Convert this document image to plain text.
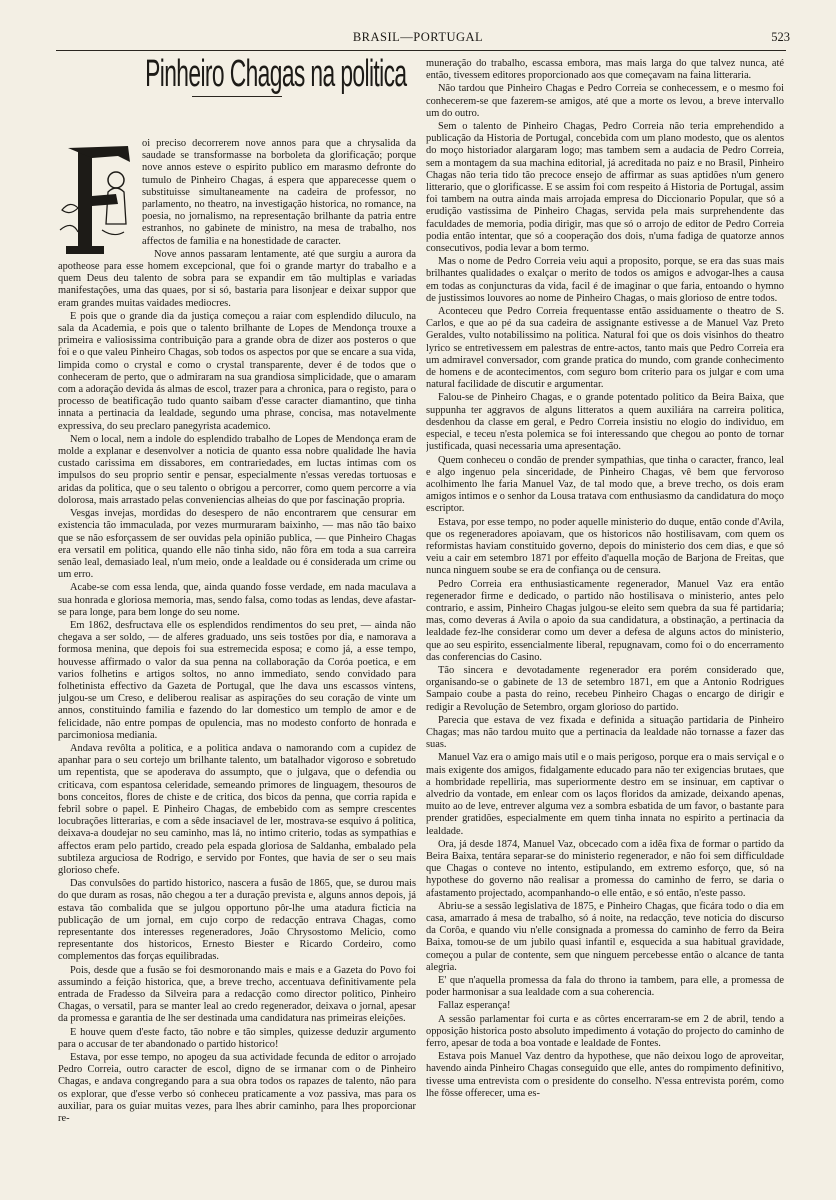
BRASIL—PORTUGAL	523
Pinheiro Chagas na politica

oi preciso decorrerem nove annos para que a chrysalida da saudade se transformasse na borboleta da glorificação; porque nove annos esteve o espirito publico em marasmo defronte do tumulo de Pinheiro Chagas, á espera que apparecesse quem o substituisse simultaneamente na cadeira de professor, no parlamento, no theatro, na investigação historica, no romance, na poesia, no jornalismo, na representação brilhante da patria entre estranhos, no gabinete de ministro, na mesa de trabalho, nos affectos de familia e na honestidade de caracter.

Nove annos passaram lentamente, até que surgiu a aurora da apotheose para esse homem excepcional, que foi o grande martyr do trabalho e a quem Deus deu talento de sobra para se expandir em tão multiplas e variadas manifestações, uma das quaes, por si só, bastaria para lisonjear e deixar suppor que eram grandes muitas vaidades mediocres.

E pois que o grande dia da justiça começou a raiar com esplendido diluculo, na sala da Academia, e pois que o talento brilhante de Lopes de Mendonça trouxe a primeira e valiosissima contribuição para a grande obra de dizer aos posteros o que foi e o que valeu Pinheiro Chagas, sob todos os aspectos por que se encare a sua vida, limpida como o crystal e como o crystal transparente, dever é de todos que o conheceram de perto, que o admiraram na sua grandiosa simplicidade, que o amaram com a adoração devida ás almas de escol, trazer para a chronica, para o registo, para o processo de beatificação tudo quanto saibam d'esse caracter diamantino, que tinha innata a pertinacia da lealdade, segundo uma phrase, concisa, mas notavelmente expressiva, do seu preclaro panegyrista academico.

Nem o local, nem a indole do esplendido trabalho de Lopes de Mendonça eram de molde a explanar e desenvolver a noticia de quanto essa nobre qualidade lhe havia custado carissima em dissabores, em contrariedades, em luctas intimas com os impulsos do seu proprio sentir e pensar, especialmente n'essas veredas tortuosas e aridas da politica, que o seu talento o obrigou a percorrer, como quem percorre a via dolorosa, mais arrastado pelas conveniencias alheias do que por fascinação propria.

Vesgas invejas, mordidas do desespero de não encontrarem que censurar em existencia tão immaculada, por vezes murmuraram baixinho, — mas não tão baixo que se não esforçassem de ser ouvidas pela opinião publica, — que Pinheiro Chagas era versatil em politica, quando elle não tinha sido, não fôra em toda a sua carreira senão leal, demasiado leal, n'um meio, onde a lealdade ou é considerada um crime ou um erro.

Acabe-se com essa lenda, que, ainda quando fosse verdade, em nada maculava a sua honrada e gloriosa memoria, mas, sendo falsa, como todas as lendas, deve afastar-se para longe, para bem longe do seu nome.

Em 1862, desfructava elle os esplendidos rendimentos do seu pret, — ainda não chegava a ser soldo, — de alferes graduado, uns seis tostões por dia, e namorava a formosa menina, que depois foi sua estremecida esposa; e como já, a esse tempo, houvesse affirmado o valor da sua penna na collaboração da Coróa poetica, e em varios folhetins e artigos soltos, no anno immediato, sendo convidado para folhetinista effectivo da Gazeta de Portugal, que lhe dava uns escassos vintens, julgou-se um Creso, e deliberou realisar as aspirações do seu coração de vinte um annos, constituindo familia e fazendo do lar domestico um templo de amor e de felicidade, não entre pompas de opulencia, mas no modesto conforto de honrada e parcimoniosa mediania.

Andava revôlta a politica, e a politica andava o namorando com a cupidez de apanhar para o seu cortejo um brilhante talento, um batalhador vigoroso e sobretudo um repentista, que se apoderava do assumpto, que o julgava, que o defendia ou criticava, com espantosa celeridade, semeando primores de linguagem, thesouros de bons conceitos, flores de chiste e de critica, dos bicos da penna, que corria rapida e febril sobre o papel. E Pinheiro Chagas, de embebido com as sempre crescentes locubrações litterarias, e com a sêde insaciavel de ler, mostrava-se esquivo á politica, deixava-a doudejar no seu caminho, mas lá, no intimo criterio, todas as sympathias e affectos eram pelo partido, creado pela espada gloriosa de Saldanha, embalado pela subtileza arguciosa de Rodrigo, e servido por Fontes, que havia de ser o seu mais glorioso chefe.

Das convulsões do partido historico, nascera a fusão de 1865, que, se durou mais do que duram as rosas, não chegou a ter a duração prevista e, alguns annos depois, já estava tão combalida que se julgou opportuno pôr-lhe uma atadura ficticia na publicação de um jornal, em cujo corpo de redacção entrava Chagas, como representante dos interesses regeneradores, João Chrysostomo Melicio, como representante dos historicos, Ernesto Biester e Ricardo Cordeiro, como complementos das forças equilibradas.

Pois, desde que a fusão se foi desmoronando mais e mais e a Gazeta do Povo foi assumindo a feição historica, que, a breve trecho, accentuava definitivamente pela entrada de Fradesso da Silveira para a redacção como director politico, Pinheiro Chagas, o versatil, para se manter leal ao credo regenerador, deixava o jornal, apesar da promessa e garantia de lhe ser destinada uma candidatura nas primeiras eleições.

E houve quem d'este facto, tão nobre e tão simples, quizesse deduzir argumento para o accusar de ter abandonado o partido historico!

Estava, por esse tempo, no apogeu da sua actividade fecunda de editor o arrojado Pedro Correia, outro caracter de escol, digno de se irmanar com o de Pinheiro Chagas, e andava congregando para a sua obra todos os rapazes de talento, não para os explorar, que d'esse verbo só conheceu praticamente a voz passiva, mas para os auxiliar, para os guiar muitas vezes, para lhes abrir caminho, para lhes proporcionar re-

muneração do trabalho, escassa embora, mas mais larga do que talvez nunca, até então, tivessem editores proporcionado aos que começavam na faina litteraria.

Não tardou que Pinheiro Chagas e Pedro Correia se conhecessem, e o mesmo foi conhecerem-se que fazerem-se amigos, até que a morte os levou, a breve intervallo um do outro.

Sem o talento de Pinheiro Chagas, Pedro Correia não teria emprehendido a publicação da Historia de Portugal, concebida com um plano modesto, que os alentos do moço historiador alargaram logo; mas tambem sem a audacia de Pedro Correia, sem a montagem da sua machina editorial, já acreditada no paiz e no Brasil, Pinheiro Chagas não teria tido tão precoce ensejo de affirmar as suas aptidões n'um genero litterario, que o glorificasse. E se assim foi com respeito á Historia de Portugal, assim foi tambem na outra ainda mais arrojada empresa do Diccionario Popular, que só a erudição vastissima de Pinheiro Chagas, servida pela mais surprehendente das faculdades de memoria, podia dirigir, mas que só o arrojo de editor de Pedro Correia podia então intentar, que só a cooperação dos dois, n'uma fadiga de quatorze annos consecutivos, podia levar a bom termo.

Mas o nome de Pedro Correia veiu aqui a proposito, porque, se era das suas mais brilhantes qualidades o exalçar o merito de todos os amigos e advogar-lhes a causa em todas as conjuncturas da vida, facil é de imaginar o que faria, entoando o hymno de justissimos louvores ao nome de Pinheiro Chagas, o mais glorioso de entre todos.

Aconteceu que Pedro Correia frequentasse então assiduamente o theatro de S. Carlos, e que ao pé da sua cadeira de assignante estivesse a de Manuel Vaz Preto Geraldes, vulto notabilissimo na politica. Natural foi que os dois visinhos do theatro lyrico se entretivessem em palestras de entre-actos, tanto mais que Pedro Correia era um admiravel conversador, com grande pratica do mundo, com grande conhecimento de homens e de acontecimentos, com seguro bom criterio para os julgar e com uma natural facilidade de discutir e argumentar.

Falou-se de Pinheiro Chagas, e o grande potentado politico da Beira Baixa, que suppunha ter aggravos de alguns litteratos a quem auxiliára na carreira politica, desdenhou da classe em geral, e Pedro Correia insistiu no elogio do individuo, em especial, e teceu n'esta polemica se foi interessando que chegou ao ponto de tornar justificada, quasi necessaria uma apresentação.

Quem conheceu o condão de prender sympathias, que tinha o caracter, franco, leal e algo ingenuo pela sinceridade, de Pinheiro Chagas, vê bem que fervoroso acolhimento lhe faria Manuel Vaz, de tal modo que, a breve trecho, os dois eram amigos intimos e o senhor da Lousa tratava com enthusiasmo da candidatura do moço escriptor.

Estava, por esse tempo, no poder aquelle ministerio do duque, então conde d'Avila, que os regeneradores apoiavam, que os historicos não hostilisavam, com quem os reformistas haviam constituido governo, depois do ministerio dos cem dias, e que só veiu a cair em setembro 1871 por effeito d'aquella moção de Barjona de Freitas, que nunca ninguem soube se era de confiança ou de censura.

Pedro Correia era enthusiasticamente regenerador, Manuel Vaz era então regenerador firme e dedicado, o partido não hostilisava o ministerio, antes pelo contrario, e assim, Pinheiro Chagas julgou-se eleito sem quebra da sua fé partidaria; mas, como deveras á Avila o apoio da sua candidatura, a obstinação, a pertinacia da lealdade fez-lhe considerar como um dever a defesa de alguns actos do ministerio, que ao seu espirito, essencialmente liberal, repugnavam, como foi o do encerramento das conferencias do Casino.

Tão sincera e devotadamente regenerador era porém considerado que, organisando-se o gabinete de 13 de setembro 1871, em que a Antonio Rodrigues Sampaio coube a pasta do reino, recebeu Pinheiro Chagas o encargo de dirigir e redigir a Revolução de Setembro, orgam glorioso do partido.

Parecia que estava de vez fixada e definida a situação partidaria de Pinheiro Chagas; mas não tardou muito que a pertinacia da lealdade não tornasse a fazer das suas.

Manuel Vaz era o amigo mais util e o mais perigoso, porque era o mais serviçal e o mais exigente dos amigos, fidalgamente educado para não ter exigencias brutaes, que a hombridade repelliria, mas superiormente destro em se insinuar, em captivar o alvedrio da vontade, em enlear com os laços floridos da amizade, deixando apenas, muito ao de leve, entrever alguma vez a sombra esbatida de um favor, o bastante para prender gratidões, especialmente em quem tinha innata no espirito a pertinacia da lealdade.

Ora, já desde 1874, Manuel Vaz, obcecado com a idêa fixa de formar o partido da Beira Baixa, tentára separar-se do ministerio regenerador, e não foi sem difficuldade que Chagas o conteve no intento, estipulando, em extremo esforço, que, só na hypothese do governo não realisar a promessa do caminho de ferro, se daria o afastamento projectado, acompanhando-o elle então, e só então, n'este passo.

Abriu-se a sessão legislativa de 1875, e Pinheiro Chagas, que ficára todo o dia em casa, amarrado á mesa de trabalho, só á noite, na redacção, teve noticia do discurso da Corôa, e quando viu n'elle consignada a promessa do caminho de ferro da Beira Baixa, tomou-se de um jubilo quasi infantil e, esquecida a sua habitual gravidade, começou a pular de contente, sem que ninguem percebesse então o alcance de tanta alegria.

E' que n'aquella promessa da fala do throno ia tambem, para elle, a promessa de poder harmonisar a sua lealdade com a sua coherencia.

Fallaz esperança!

A sessão parlamentar foi curta e as côrtes encerraram-se em 2 de abril, tendo a opposição historica posto absoluto impedimento á votação do projecto do caminho de ferro, apesar de toda a boa vontade e lealdade de Fontes.

Estava pois Manuel Vaz dentro da hypothese, que não deixou logo de aproveitar, havendo ainda Pinheiro Chagas conseguido que elle, antes do rompimento definitivo, tivesse uma entrevista com o presidente do conselho. N'essa entrevista porém, como lhe fôsse offerecer, uma es-
